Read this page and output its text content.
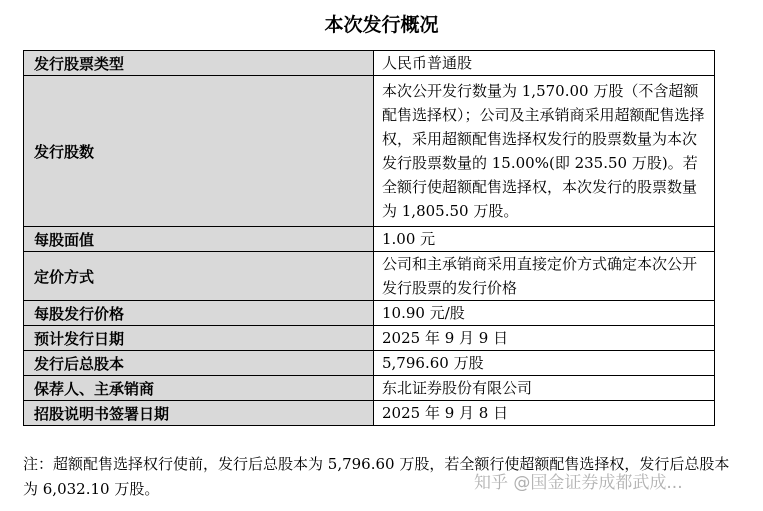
本次发行概况
发行股票类型	人民币普通股
发行股数	本次公开发行数量为 1,570.00 万股（不含超额配售选择权）；公司及主承销商采用超额配售选择权，采用超额配售选择权发行的股票数量为本次发行股票数量的 15.00%(即 235.50 万股)。若全额行使超额配售选择权，本次发行的股票数量为 1,805.50 万股。
每股面值	1.00 元
定价方式	公司和主承销商采用直接定价方式确定本次公开发行股票的发行价格
每股发行价格	10.90 元/股
预计发行日期	2025 年 9 月 9 日
发行后总股本	5,796.60 万股
保荐人、主承销商	东北证券股份有限公司
招股说明书签署日期	2025 年 9 月 8 日
注：超额配售选择权行使前，发行后总股本为 5,796.60 万股，若全额行使超额配售选择权，发行后总股本为 6,032.10 万股。	知乎 @国金证券成都武成...
